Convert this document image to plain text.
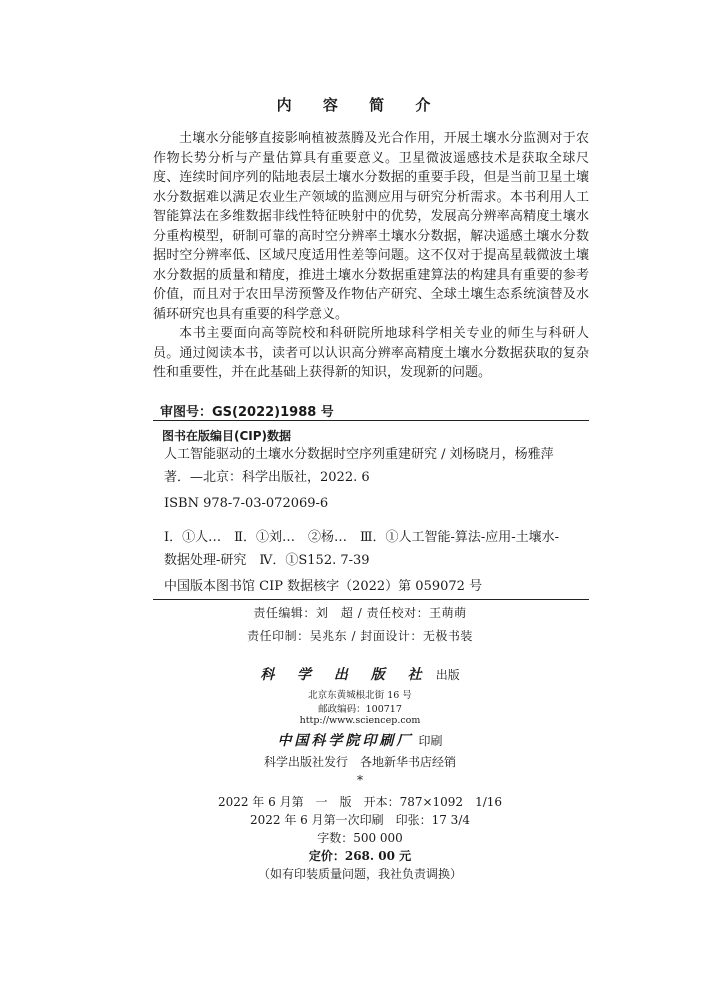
内 容 简 介

土壤水分能够直接影响植被蒸腾及光合作用，开展土壤水分监测对于农作物长势分析与产量估算具有重要意义。卫星微波遥感技术是获取全球尺度、连续时间序列的陆地表层土壤水分数据的重要手段，但是当前卫星土壤水分数据难以满足农业生产领域的监测应用与研究分析需求。本书利用人工智能算法在多维数据非线性特征映射中的优势，发展高分辨率高精度土壤水分重构模型，研制可靠的高时空分辨率土壤水分数据，解决遥感土壤水分数据时空分辨率低、区域尺度适用性差等问题。这不仅对于提高星载微波土壤水分数据的质量和精度，推进土壤水分数据重建算法的构建具有重要的参考价值，而且对于农田旱涝预警及作物估产研究、全球土壤生态系统演替及水循环研究也具有重要的科学意义。

本书主要面向高等院校和科研院所地球科学相关专业的师生与科研人员。通过阅读本书，读者可以认识高分辨率高精度土壤水分数据获取的复杂性和重要性，并在此基础上获得新的知识，发现新的问题。

审图号：GS(2022)1988 号
图书在版编目(CIP)数据
人工智能驱动的土壤水分数据时空序列重建研究 / 刘杨晓月，杨雅萍
著．—北京：科学出版社，2022. 6
ISBN 978-7-03-072069-6
Ⅰ．①人…　Ⅱ．①刘…　②杨…　Ⅲ．①人工智能-算法-应用-土壤水-
数据处理-研究　Ⅳ．①S152. 7-39
中国版本图书馆 CIP 数据核字（2022）第 059072 号
责任编辑：刘　超 / 责任校对：王萌萌
责任印制：吴兆东 / 封面设计：无极书装
科 学 出 版 社 出版
北京东黄城根北街 16 号
邮政编码：100717
http://www.sciencep.com
中国科学院印刷厂 印刷
科学出版社发行　各地新华书店经销
*
2022 年 6 月第　一　版　开本：787×1092　1/16
2022 年 6 月第一次印刷　印张：17 3/4
字数：500 000
定价：268. 00 元
（如有印装质量问题，我社负责调换）
